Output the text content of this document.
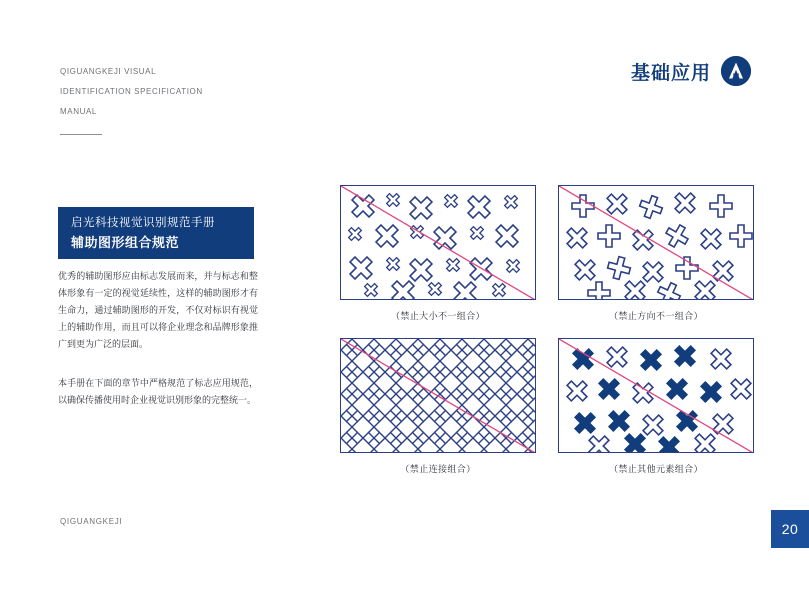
QIGUANGKEJI VISUAL
IDENTIFICATION SPECIFICATION
MANUAL
基础应用
启光科技视觉识别规范手册
辅助图形组合规范

优秀的辅助图形应由标志发展而来，并与标志和整体形象有一定的视觉延续性，这样的辅助图形才有生命力，通过辅助图形的开发，不仅对标识有视觉上的辅助作用，而且可以将企业理念和品牌形象推广到更为广泛的层面。

本手册在下面的章节中严格规范了标志应用规范，以确保传播使用时企业视觉识别形象的完整统一。

（禁止大小不一组合）	（禁止方向不一组合）
（禁止连接组合）	（禁止其他元素组合）
QIGUANGKEJI	20
